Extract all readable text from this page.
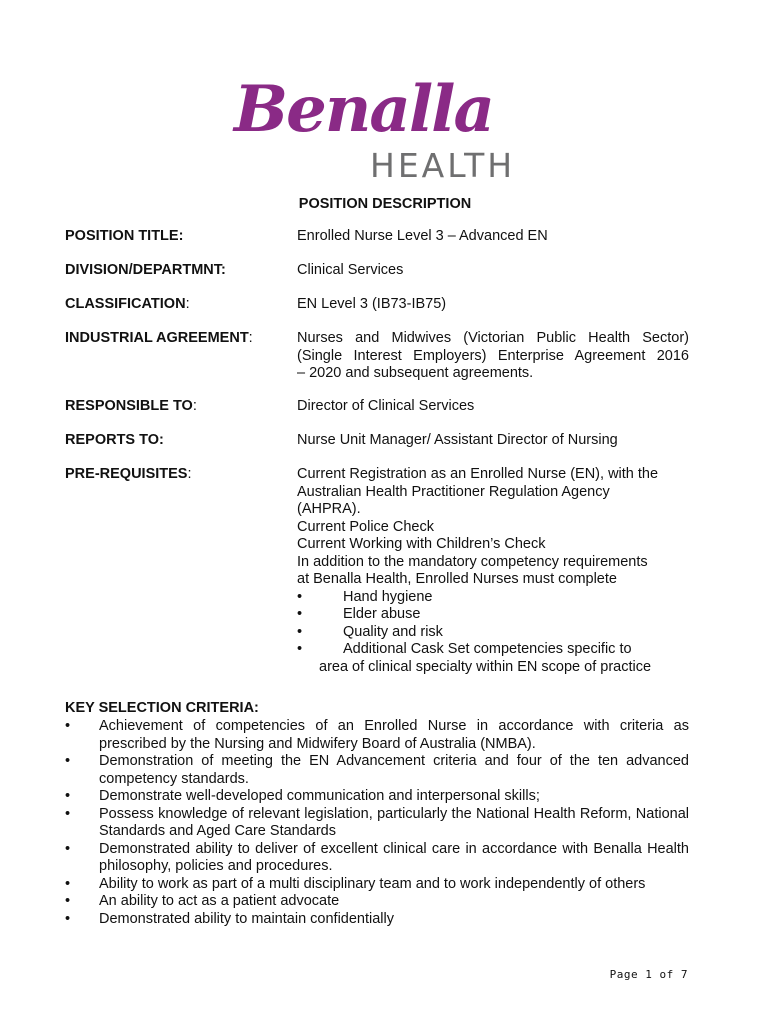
Benalla
HEALTH
POSITION DESCRIPTION
POSITION TITLE:	Enrolled Nurse Level 3 – Advanced EN
DIVISION/DEPARTMNT:	Clinical Services
CLASSIFICATION:	EN Level 3 (IB73-IB75)
INDUSTRIAL AGREEMENT:	Nurses and Midwives (Victorian Public Health Sector)
(Single Interest Employers) Enterprise Agreement 2016
– 2020 and subsequent agreements.
RESPONSIBLE TO:	Director of Clinical Services
REPORTS TO:	Nurse Unit Manager/ Assistant Director of Nursing
PRE-REQUISITES:	Current Registration as an Enrolled Nurse (EN), with the
Australian Health Practitioner Regulation Agency
(AHPRA).
Current Police Check
Current Working with Children’s Check
In addition to the mandatory competency requirements
at Benalla Health, Enrolled Nurses must complete
•	Hand hygiene
•	Elder abuse
•	Quality and risk
•	Additional Cask Set competencies specific to
area of clinical specialty within EN scope of practice
KEY SELECTION CRITERIA:
• Achievement of competencies of an Enrolled Nurse in accordance with criteria as prescribed by the Nursing and Midwifery Board of Australia (NMBA).
• Demonstration of meeting the EN Advancement criteria and four of the ten advanced competency standards.
• Demonstrate well-developed communication and interpersonal skills;
• Possess knowledge of relevant legislation, particularly the National Health Reform, National Standards and Aged Care Standards
• Demonstrated ability to deliver of excellent clinical care in accordance with Benalla Health philosophy, policies and procedures.
• Ability to work as part of a multi disciplinary team and to work independently of others
• An ability to act as a patient advocate
• Demonstrated ability to maintain confidentially
Page 1 of 7
